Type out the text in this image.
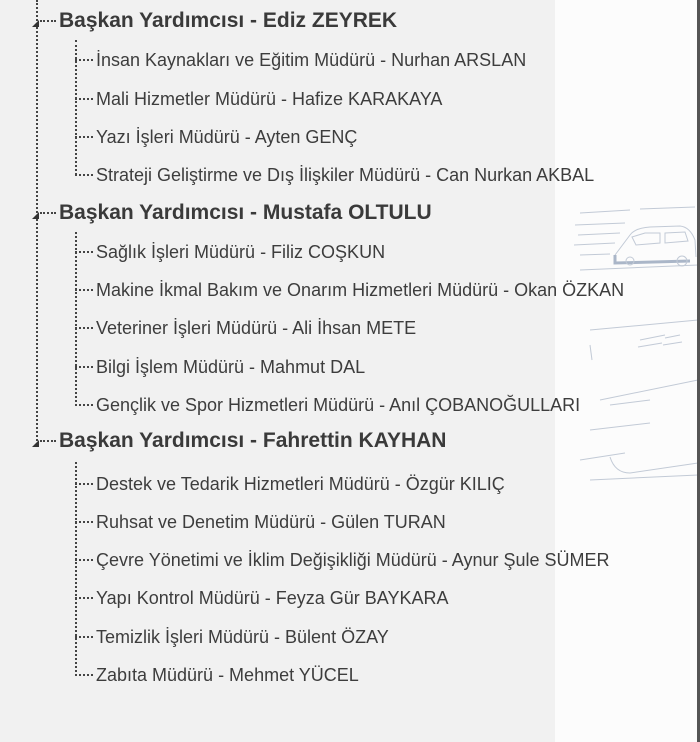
Başkan Yardımcısı - Ediz ZEYREK
İnsan Kaynakları ve Eğitim Müdürü - Nurhan ARSLAN
Mali Hizmetler Müdürü - Hafize KARAKAYA
Yazı İşleri Müdürü - Ayten GENÇ
Strateji Geliştirme ve Dış İlişkiler Müdürü - Can Nurkan AKBAL
Başkan Yardımcısı - Mustafa OLTULU
Sağlık İşleri Müdürü - Filiz COŞKUN
Makine İkmal Bakım ve Onarım Hizmetleri Müdürü - Okan ÖZKAN
Veteriner İşleri Müdürü - Ali İhsan METE
Bilgi İşlem Müdürü - Mahmut DAL
Gençlik ve Spor Hizmetleri Müdürü - Anıl ÇOBANOĞULLARI
Başkan Yardımcısı - Fahrettin KAYHAN
Destek ve Tedarik Hizmetleri Müdürü - Özgür KILIÇ
Ruhsat ve Denetim Müdürü - Gülen TURAN
Çevre Yönetimi ve İklim Değişikliği Müdürü - Aynur Şule SÜMER
Yapı Kontrol Müdürü - Feyza Gür BAYKARA
Temizlik İşleri Müdürü - Bülent ÖZAY
Zabıta Müdürü - Mehmet YÜCEL
